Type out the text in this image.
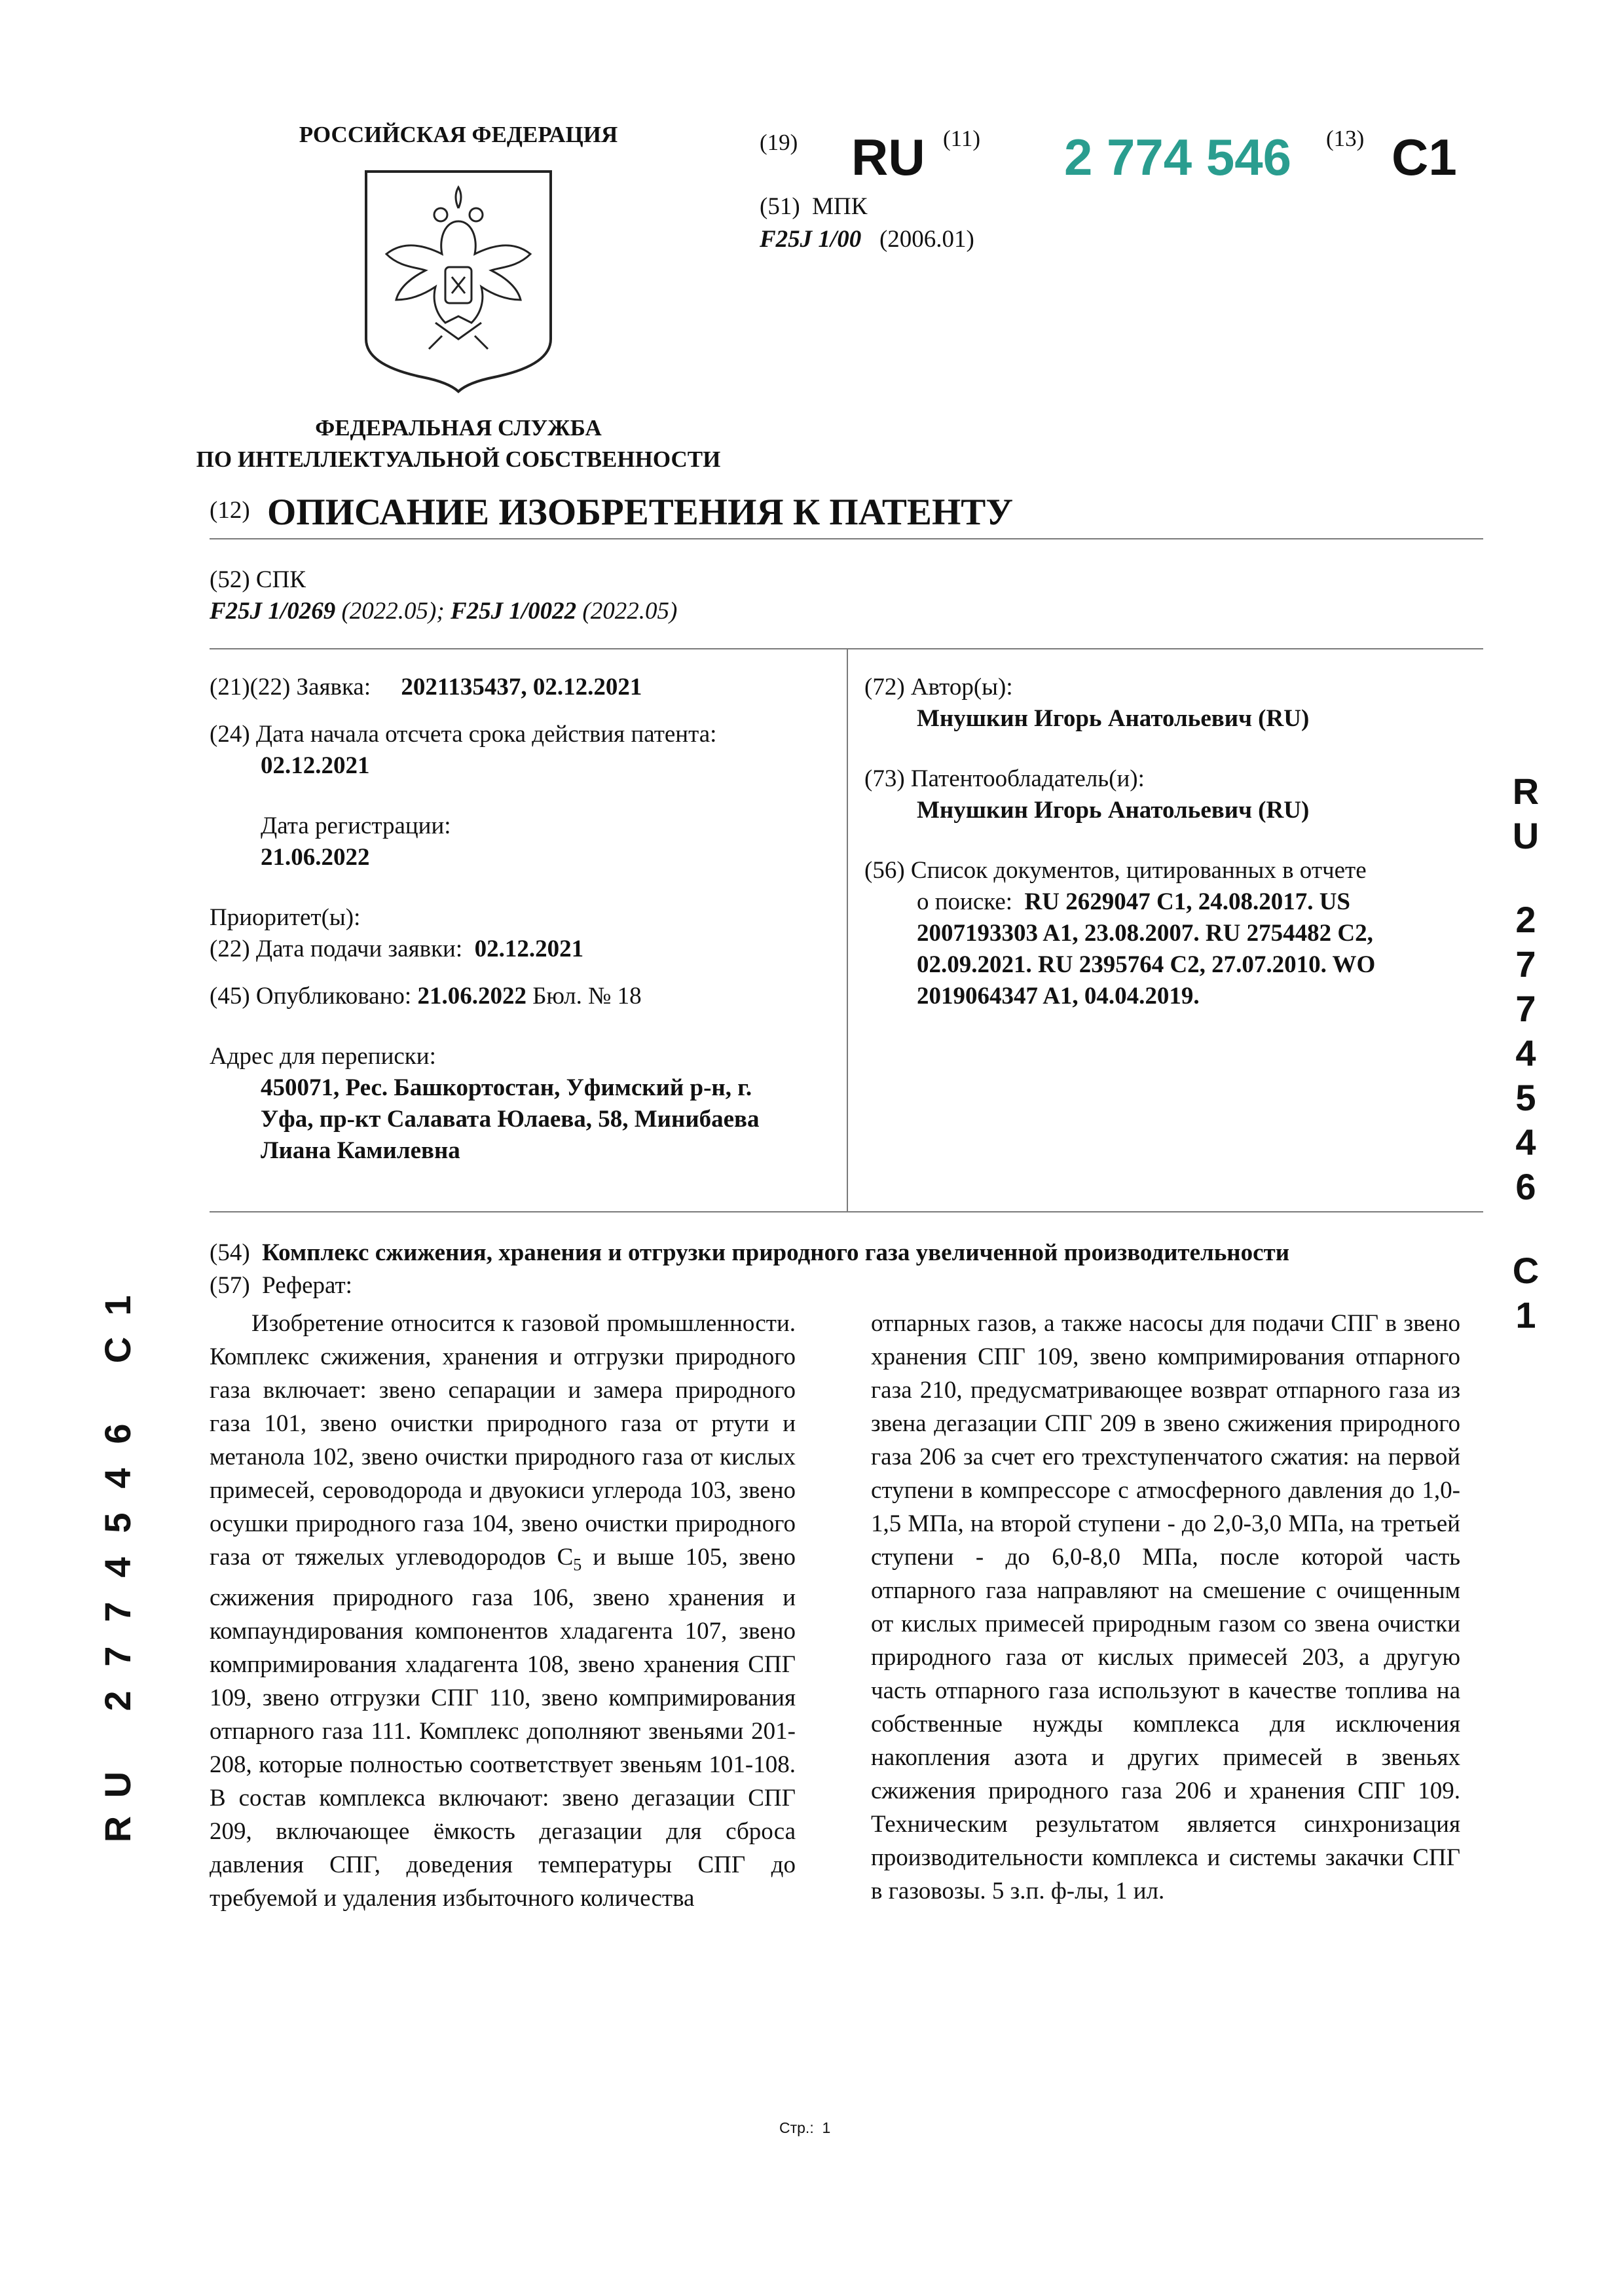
РОССИЙСКАЯ ФЕДЕРАЦИЯ
ФЕДЕРАЛЬНАЯ СЛУЖБА
ПО ИНТЕЛЛЕКТУАЛЬНОЙ СОБСТВЕННОСТИ
(19) RU (11) 2 774 546 (13) C1
(51) МПК
F25J 1/00 (2006.01)
(12) ОПИСАНИЕ ИЗОБРЕТЕНИЯ К ПАТЕНТУ
(52) СПК
F25J 1/0269 (2022.05); F25J 1/0022 (2022.05)
(21)(22) Заявка: 2021135437, 02.12.2021
(24) Дата начала отсчета срока действия патента:
02.12.2021
Дата регистрации:
21.06.2022
Приоритет(ы):
(22) Дата подачи заявки: 02.12.2021
(45) Опубликовано: 21.06.2022 Бюл. № 18
Адрес для переписки:
450071, Рес. Башкортостан, Уфимский р-н, г.
Уфа, пр-кт Салавата Юлаева, 58, Минибаева
Лиана Камилевна
(72) Автор(ы):
Мнушкин Игорь Анатольевич (RU)
(73) Патентообладатель(и):
Мнушкин Игорь Анатольевич (RU)
(56) Список документов, цитированных в отчете
о поиске: RU 2629047 C1, 24.08.2017. US
2007193303 A1, 23.08.2007. RU 2754482 C2,
02.09.2021. RU 2395764 C2, 27.07.2010. WO
2019064347 A1, 04.04.2019.
(54) Комплекс сжижения, хранения и отгрузки природного газа увеличенной производительности
(57) Реферат:
Изобретение относится к газовой промышленности. Комплекс сжижения, хранения и отгрузки природного газа включает: звено сепарации и замера природного газа 101, звено очистки природного газа от ртути и метанола 102, звено очистки природного газа от кислых примесей, сероводорода и двуокиси углерода 103, звено осушки природного газа 104, звено очистки природного газа от тяжелых углеводородов $C_5$ и выше 105, звено сжижения природного газа 106, звено хранения и компаундирования компонентов хладагента 107, звено компримирования хладагента 108, звено хранения СПГ 109, звено отгрузки СПГ 110, звено компримирования отпарного газа 111. Комплекс дополняют звеньями 201-208, которые полностью соответствует звеньям 101-108. В состав комплекса включают: звено дегазации СПГ 209, включающее ёмкость дегазации для сброса давления СПГ, доведения температуры СПГ до требуемой и удаления избыточного количества
отпарных газов, а также насосы для подачи СПГ в звено хранения СПГ 109, звено компримирования отпарного газа 210, предусматривающее возврат отпарного газа из звена дегазации СПГ 209 в звено сжижения природного газа 206 за счет его трехступенчатого сжатия: на первой ступени в компрессоре с атмосферного давления до 1,0-1,5 МПа, на второй ступени - до 2,0-3,0 МПа, на третьей ступени - до 6,0-8,0 МПа, после которой часть отпарного газа направляют на смешение с очищенным от кислых примесей природным газом со звена очистки природного газа от кислых примесей 203, а другую часть отпарного газа используют в качестве топлива на собственные нужды комплекса для исключения накопления азота и других примесей в звеньях сжижения природного газа 206 и хранения СПГ 109. Техническим результатом является синхронизация производительности комплекса и системы закачки СПГ в газовозы. 5 з.п. ф-лы, 1 ил.
R
U
2
7
7
4
5
4
6
C
1
1
C
6
4
5
4
7
7
2
U
R
Стр.: 1
